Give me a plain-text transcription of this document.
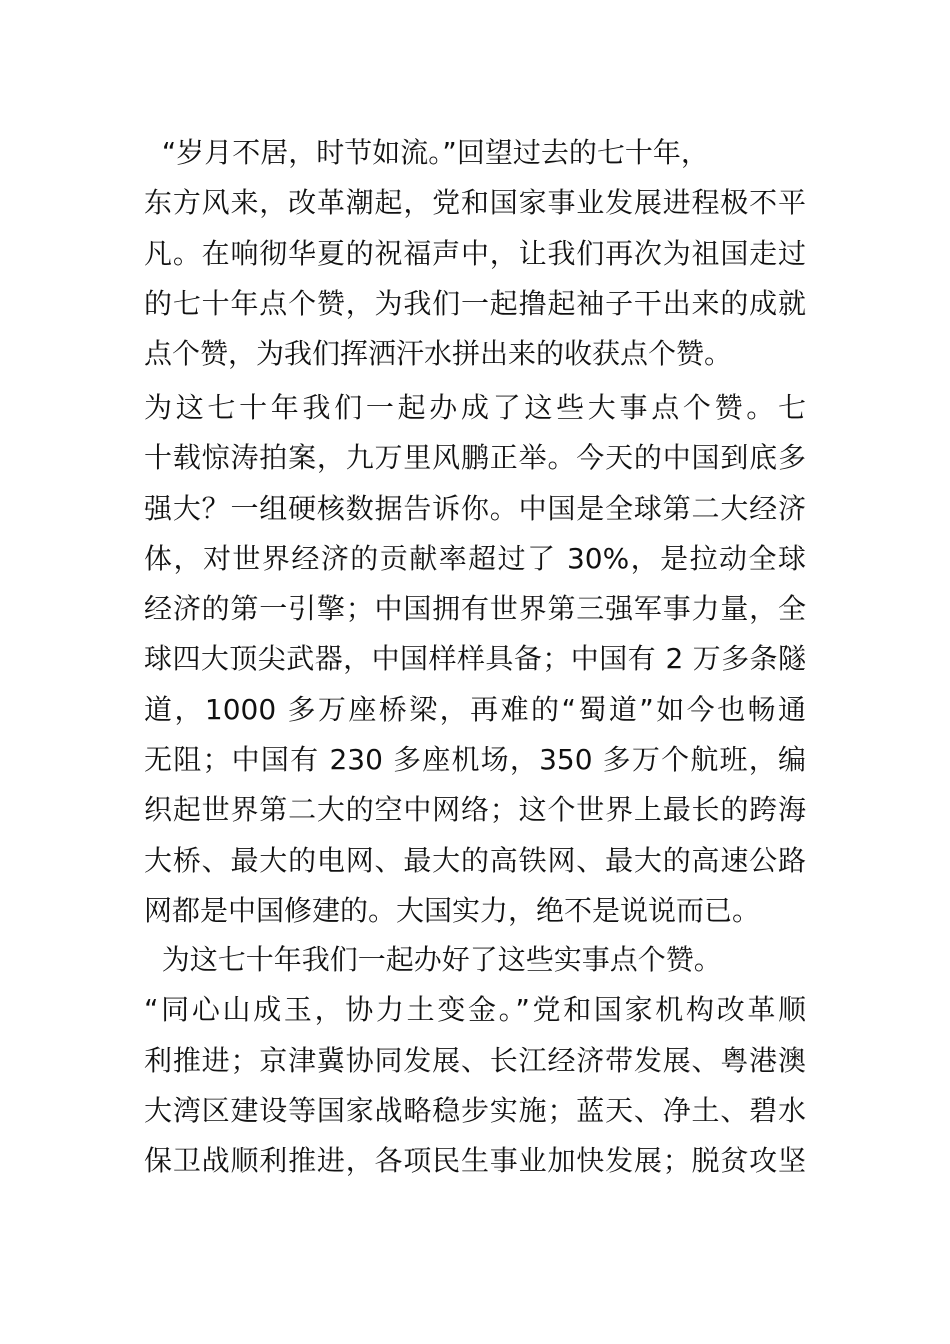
“岁月不居，时节如流。”回望过去的七十年，
东方风来，改革潮起，党和国家事业发展进程极不平
凡。在响彻华夏的祝福声中，让我们再次为祖国走过
的七十年点个赞，为我们一起撸起袖子干出来的成就
点个赞，为我们挥洒汗水拼出来的收获点个赞。
为这七十年我们一起办成了这些大事点个赞。七
十载惊涛拍案，九万里风鹏正举。今天的中国到底多
强大？一组硬核数据告诉你。中国是全球第二大经济
体，对世界经济的贡献率超过了 30%，是拉动全球
经济的第一引擎；中国拥有世界第三强军事力量，全
球四大顶尖武器，中国样样具备；中国有 2 万多条隧
道，1000 多万座桥梁，再难的“蜀道”如今也畅通
无阻；中国有 230 多座机场，350 多万个航班，编
织起世界第二大的空中网络；这个世界上最长的跨海
大桥、最大的电网、最大的高铁网、最大的高速公路
网都是中国修建的。大国实力，绝不是说说而已。
为这七十年我们一起办好了这些实事点个赞。
“同心山成玉，协力土变金。”党和国家机构改革顺
利推进；京津冀协同发展、长江经济带发展、粤港澳
大湾区建设等国家战略稳步实施；蓝天、净土、碧水
保卫战顺利推进，各项民生事业加快发展；脱贫攻坚
